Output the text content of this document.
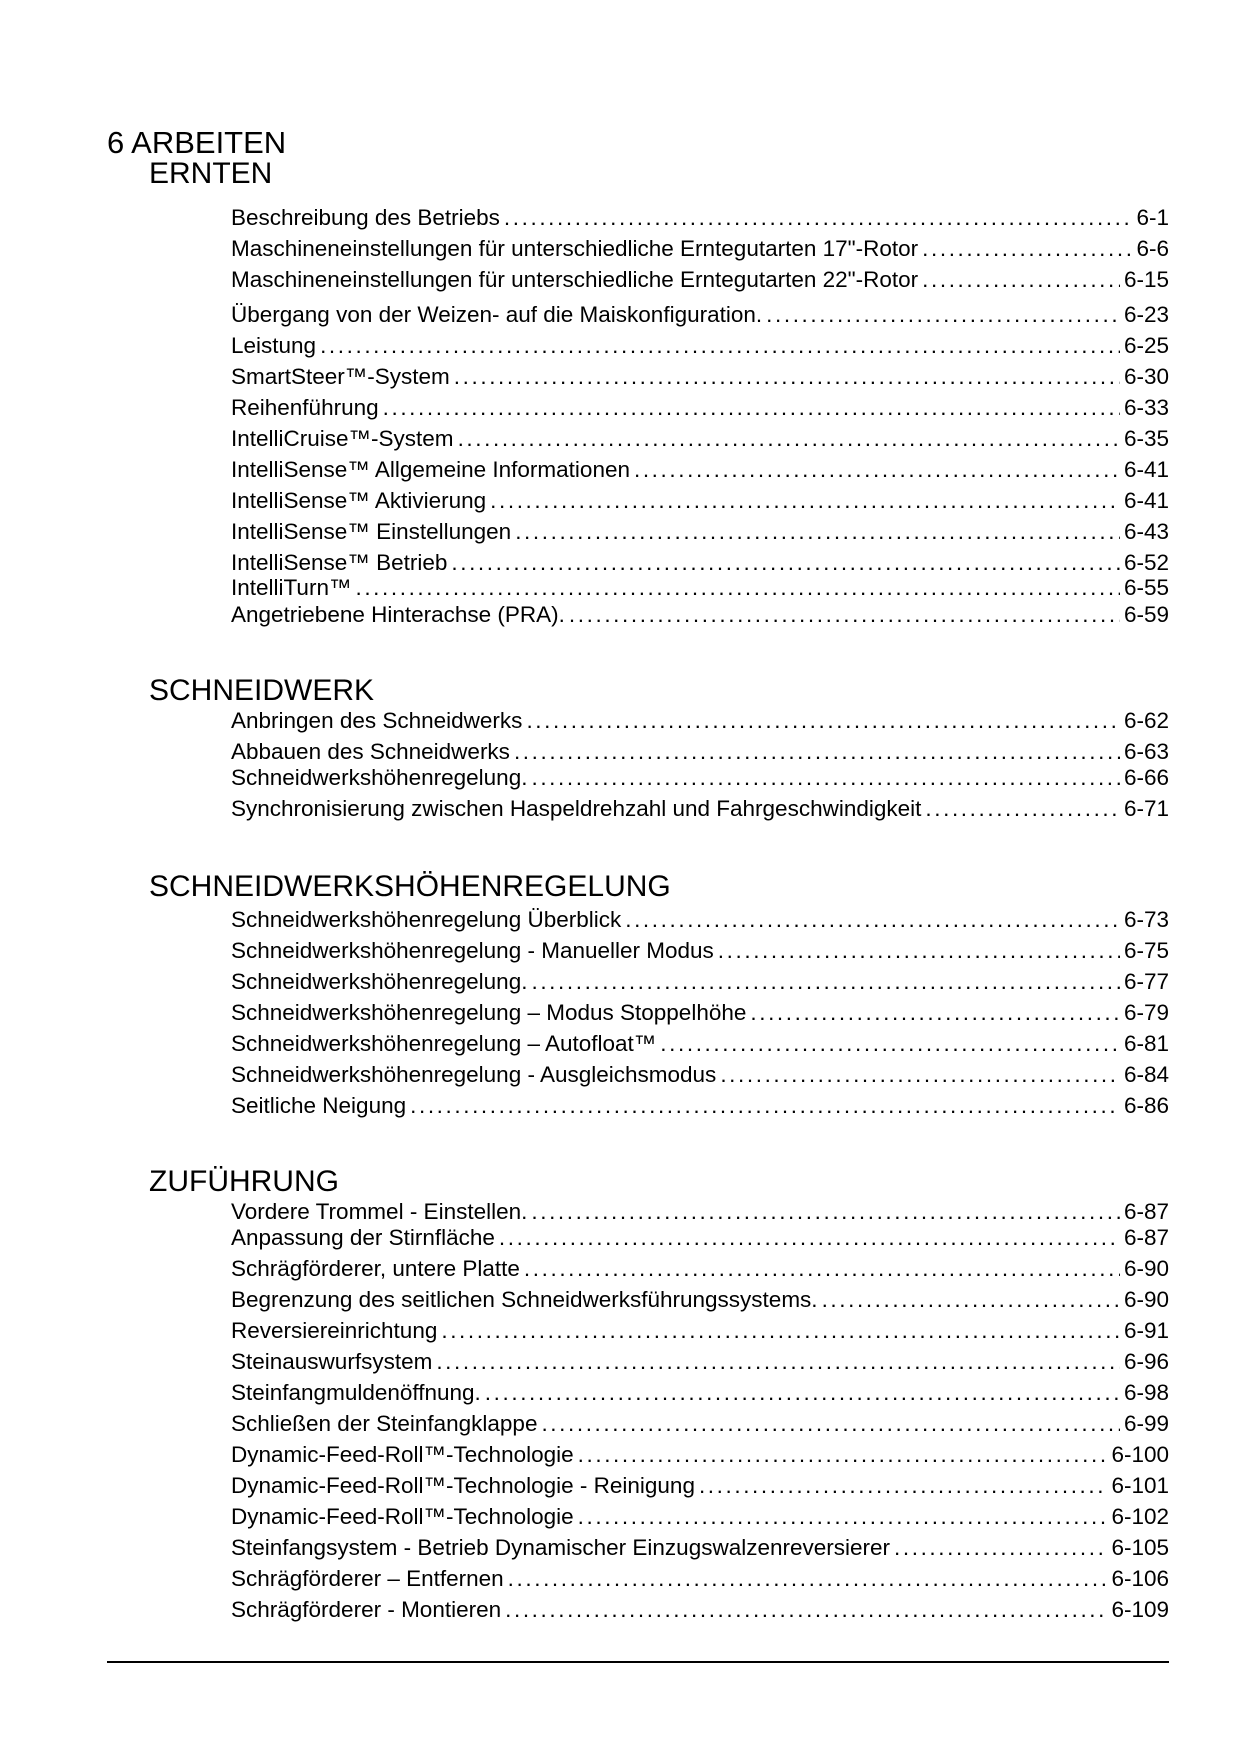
6 ARBEITEN
ERNTEN
Beschreibung des Betriebs .....	6-1
Maschineneinstellungen für unterschiedliche Erntegutarten 17"-Rotor .....	6-6
Maschineneinstellungen für unterschiedliche Erntegutarten 22"-Rotor .....	6-15
Übergang von der Weizen- auf die Maiskonfiguration. .....	6-23
Leistung .....	6-25
SmartSteer™-System .....	6-30
Reihenführung .....	6-33
IntelliCruise™-System .....	6-35
IntelliSense™ Allgemeine Informationen .....	6-41
IntelliSense™ Aktivierung .....	6-41
IntelliSense™ Einstellungen .....	6-43
IntelliSense™ Betrieb .....	6-52
IntelliTurn™ .....	6-55
Angetriebene Hinterachse (PRA). .....	6-59
SCHNEIDWERK
Anbringen des Schneidwerks .....	6-62
Abbauen des Schneidwerks .....	6-63
Schneidwerkshöhenregelung. .....	6-66
Synchronisierung zwischen Haspeldrehzahl und Fahrgeschwindigkeit .....	6-71
SCHNEIDWERKSHÖHENREGELUNG
Schneidwerkshöhenregelung Überblick .....	6-73
Schneidwerkshöhenregelung - Manueller Modus .....	6-75
Schneidwerkshöhenregelung. .....	6-77
Schneidwerkshöhenregelung – Modus Stoppelhöhe .....	6-79
Schneidwerkshöhenregelung – Autofloat™ .....	6-81
Schneidwerkshöhenregelung - Ausgleichsmodus .....	6-84
Seitliche Neigung .....	6-86
ZUFÜHRUNG
Vordere Trommel - Einstellen. .....	6-87
Anpassung der Stirnfläche .....	6-87
Schrägförderer, untere Platte .....	6-90
Begrenzung des seitlichen Schneidwerksführungssystems. .....	6-90
Reversiereinrichtung .....	6-91
Steinauswurfsystem .....	6-96
Steinfangmuldenöffnung. .....	6-98
Schließen der Steinfangklappe .....	6-99
Dynamic-Feed-Roll™-Technologie .....	6-100
Dynamic-Feed-Roll™-Technologie - Reinigung .....	6-101
Dynamic-Feed-Roll™-Technologie .....	6-102
Steinfangsystem - Betrieb Dynamischer Einzugswalzenreversierer .....	6-105
Schrägförderer – Entfernen .....	6-106
Schrägförderer - Montieren .....	6-109
